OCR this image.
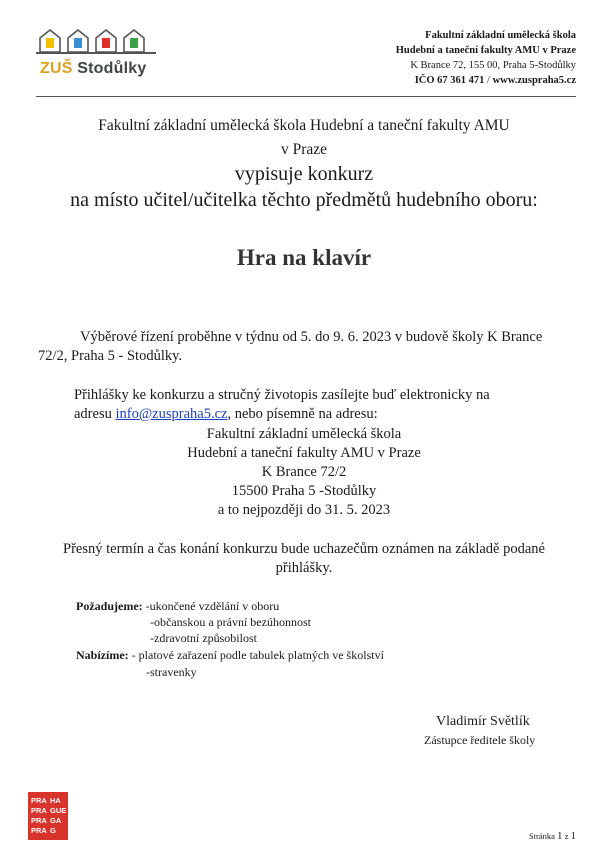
ZUŠ Stodůlky
Fakultní základní umělecká škola
Hudební a taneční fakulty AMU v Praze
K Brance 72, 155 00, Praha 5-Stodůlky
IČO 67 361 471 / www.zuspraha5.cz
Fakultní základní umělecká škola Hudební a taneční fakulty AMU
v Praze
vypisuje konkurz
na místo učitel/učitelka těchto předmětů hudebního oboru:
Hra na klavír
Výběrové řízení proběhne v týdnu od 5. do 9. 6. 2023 v budově školy K Brance
72/2, Praha 5 - Stodůlky.
Přihlášky ke konkurzu a stručný životopis zasílejte buď elektronicky na
adresu info@zuspraha5.cz, nebo písemně na adresu:
Fakultní základní umělecká škola
Hudební a taneční fakulty AMU v Praze
K Brance 72/2
15500 Praha 5 -Stodůlky
a to nejpozději do 31. 5. 2023
Přesný termín a čas konání konkurzu bude uchazečům oznámen na základě podané
přihlášky.
Požadujeme: -ukončené vzdělání v oboru
-občanskou a právní bezúhonnost
-zdravotní způsobilost
Nabízíme: - platové zařazení podle tabulek platných ve školství
-stravenky
Vladimír Světlík
Zástupce ředitele školy
PRA HA
PRA GUE
PRA GA
PRA G
Stránka 1 z 1
